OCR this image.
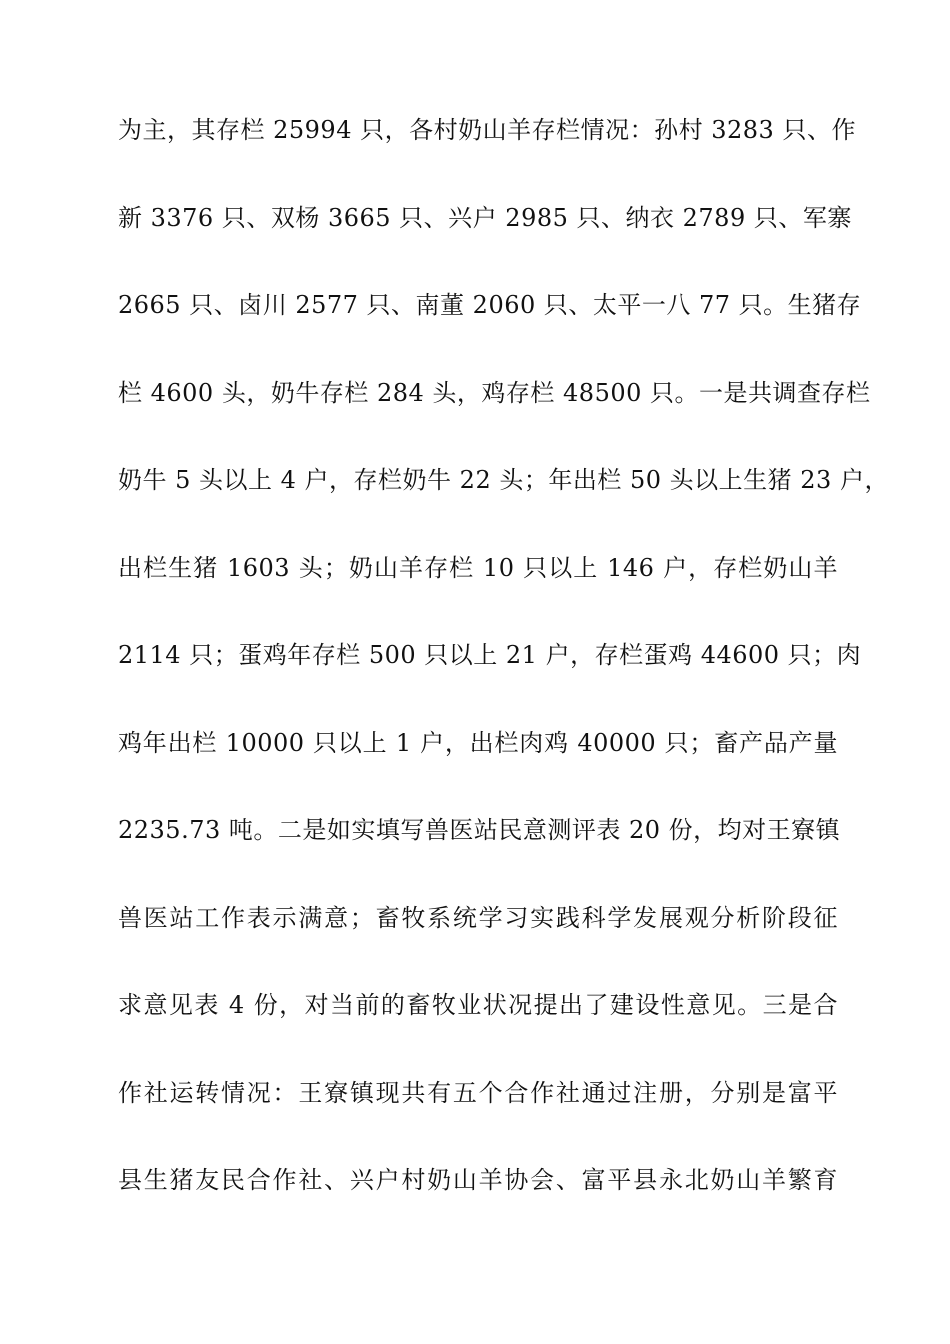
为主，其存栏 25994 只，各村奶山羊存栏情况：孙村 3283 只、作
新 3376 只、双杨 3665 只、兴户 2985 只、纳衣 2789 只、军寨
2665 只、卤川 2577 只、南董 2060 只、太平一八 77 只。生猪存
栏 4600 头，奶牛存栏 284 头，鸡存栏 48500 只。一是共调查存栏
奶牛 5 头以上 4 户，存栏奶牛 22 头；年出栏 50 头以上生猪 23 户，
出栏生猪 1603 头；奶山羊存栏 10 只以上 146 户，存栏奶山羊
2114 只；蛋鸡年存栏 500 只以上 21 户，存栏蛋鸡 44600 只；肉
鸡年出栏 10000 只以上 1 户，出栏肉鸡 40000 只；畜产品产量
2235.73 吨。二是如实填写兽医站民意测评表 20 份，均对王寮镇
兽医站工作表示满意；畜牧系统学习实践科学发展观分析阶段征
求意见表 4 份，对当前的畜牧业状况提出了建设性意见。三是合
作社运转情况：王寮镇现共有五个合作社通过注册，分别是富平
县生猪友民合作社、兴户村奶山羊协会、富平县永北奶山羊繁育
